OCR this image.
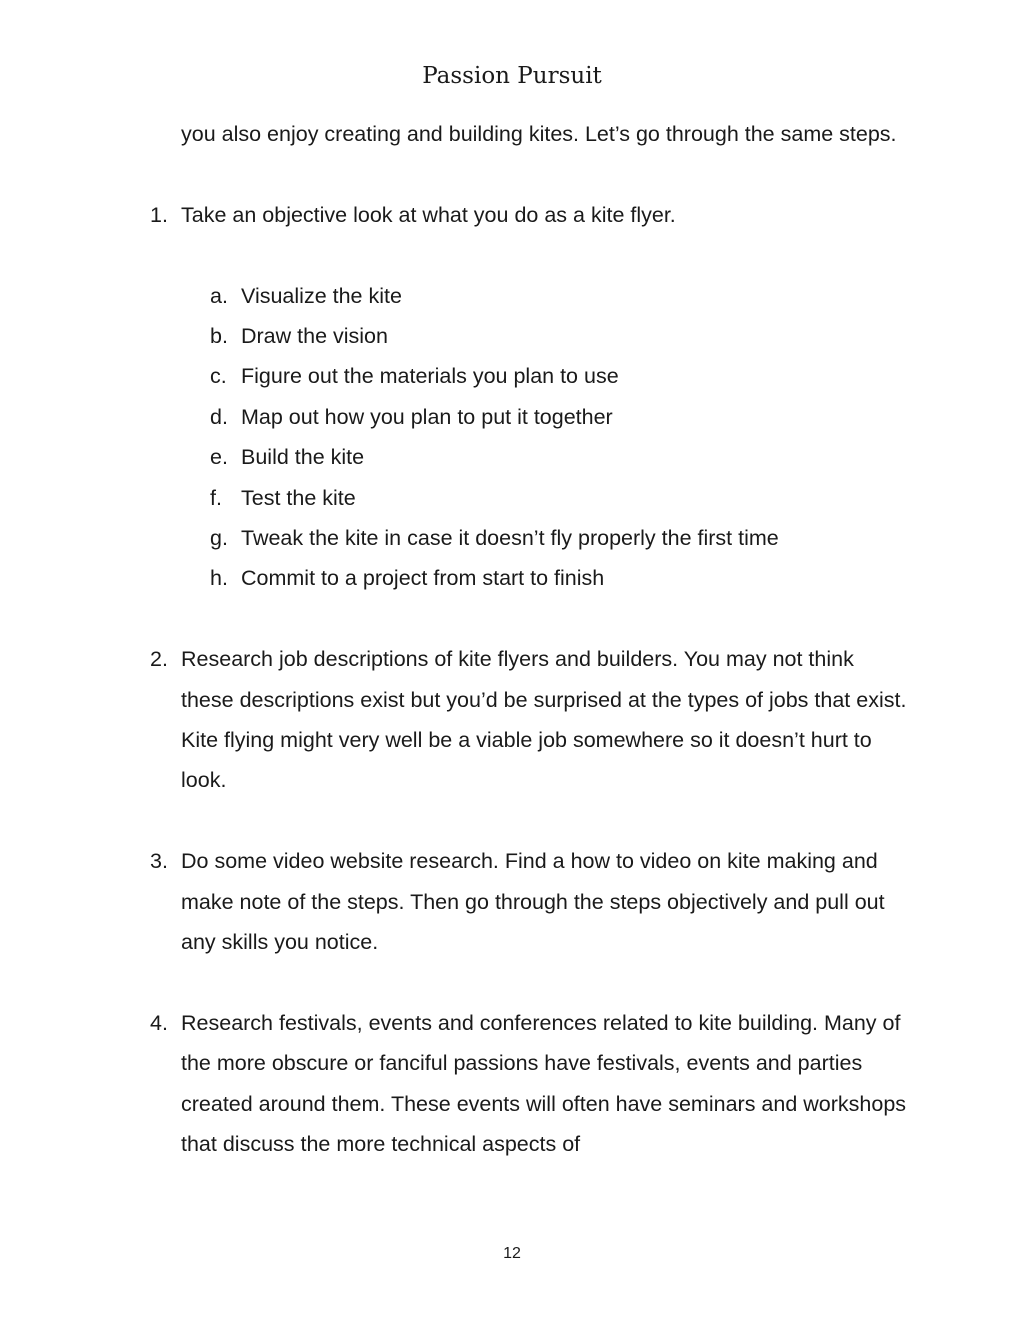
Passion Pursuit

you also enjoy creating and building kites. Let’s go through the same steps.

1. Take an objective look at what you do as a kite flyer.

a. Visualize the kite

b. Draw the vision

c. Figure out the materials you plan to use

d. Map out how you plan to put it together

e. Build the kite

f. Test the kite

g. Tweak the kite in case it doesn’t fly properly the first time

h. Commit to a project from start to finish

2. Research job descriptions of kite flyers and builders. You may not think these descriptions exist but you’d be surprised at the types of jobs that exist. Kite flying might very well be a viable job somewhere so it doesn’t hurt to look.

3. Do some video website research. Find a how to video on kite making and make note of the steps. Then go through the steps objectively and pull out any skills you notice.

4. Research festivals, events and conferences related to kite building. Many of the more obscure or fanciful passions have festivals, events and parties created around them. These events will often have seminars and workshops that discuss the more technical aspects of

12
